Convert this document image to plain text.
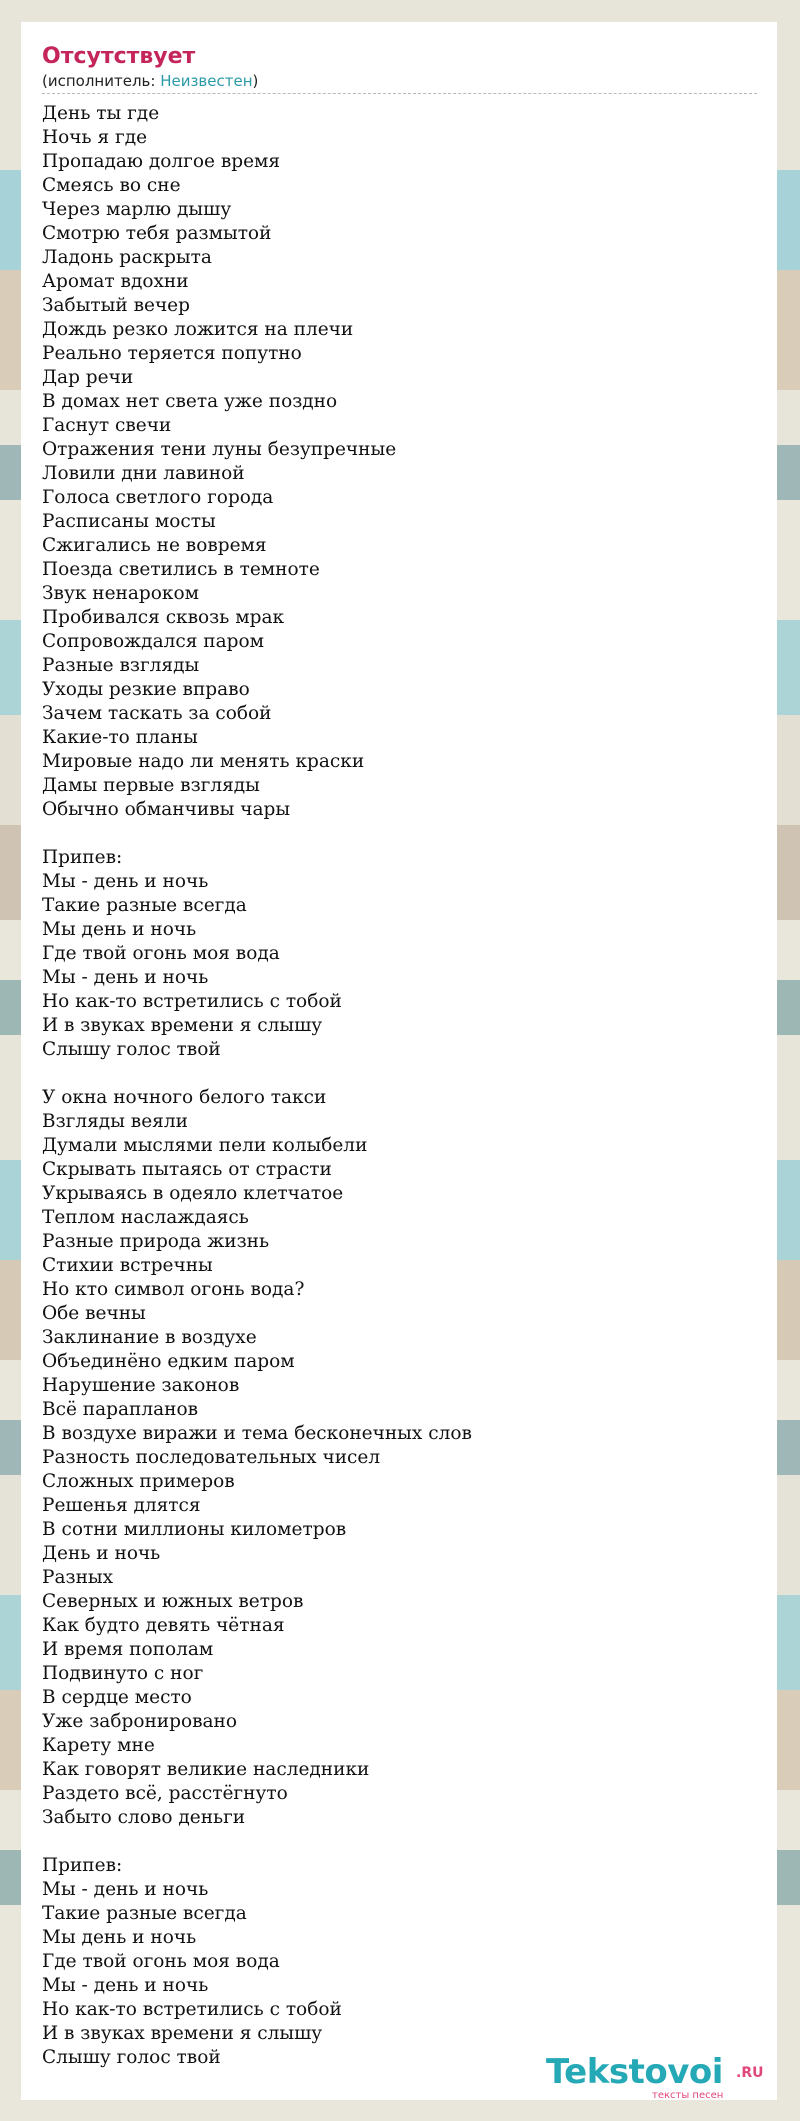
Отсутствует
(исполнитель: Неизвестен)
День ты где
Ночь я где
Пропадаю долгое время
Смеясь во сне
Через марлю дышу
Смотрю тебя размытой
Ладонь раскрыта
Аромат вдохни
Забытый вечер
Дождь резко ложится на плечи
Реально теряется попутно
Дар речи
В домах нет света уже поздно
Гаснут свечи
Отражения тени луны безупречные
Ловили дни лавиной
Голоса светлого города
Расписаны мосты
Сжигались не вовремя
Поезда светились в темноте
Звук ненароком
Пробивался сквозь мрак
Сопровождался паром
Разные взгляды
Уходы резкие вправо
Зачем таскать за собой
Какие-то планы
Мировые надо ли менять краски
Дамы первые взгляды
Обычно обманчивы чары
Припев:
Мы - день и ночь
Такие разные всегда
Мы день и ночь
Где твой огонь моя вода
Мы - день и ночь
Но как-то встретились с тобой
И в звуках времени я слышу
Слышу голос твой
У окна ночного белого такси
Взгляды веяли
Думали мыслями пели колыбели
Скрывать пытаясь от страсти
Укрываясь в одеяло клетчатое
Теплом наслаждаясь
Разные природа жизнь
Стихии встречны
Но кто символ огонь вода?
Обе вечны
Заклинание в воздухе
Объединёно едким паром
Нарушение законов
Всё парапланов
В воздухе виражи и тема бесконечных слов
Разность последовательных чисел
Сложных примеров
Решенья длятся
В сотни миллионы километров
День и ночь
Разных
Северных и южных ветров
Как будто девять чётная
И время пополам
Подвинуто с ног
В сердце место
Уже забронировано
Карету мне
Как говорят великие наследники
Раздето всё, расстёгнуто
Забыто слово деньги
Припев:
Мы - день и ночь
Такие разные всегда
Мы день и ночь
Где твой огонь моя вода
Мы - день и ночь
Но как-то встретились с тобой
И в звуках времени я слышу
Слышу голос твой	Tekstovoi .RU
тексты песен
